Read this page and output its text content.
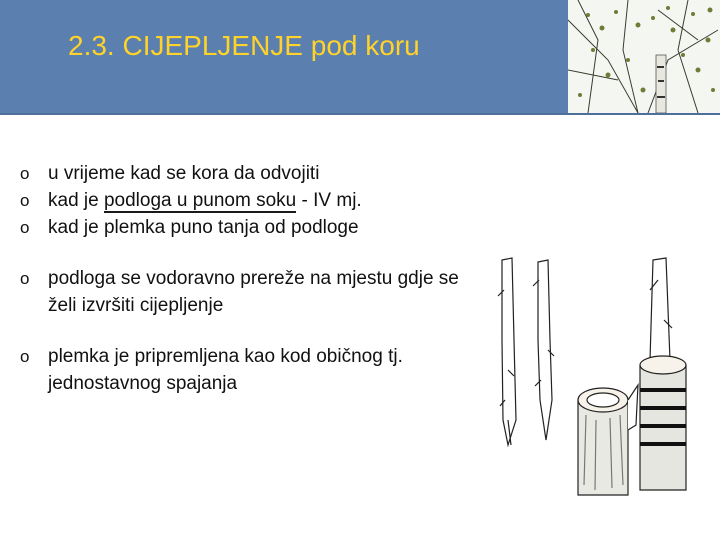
2.3. CIJEPLJENJE pod koru
o u vrijeme kad se kora da odvojiti
o kad je podloga u punom soku - IV mj.
o kad je plemka puno tanja od podloge
o podloga se vodoravno prereže na mjestu gdje se želi izvršiti cijepljenje
o plemka je pripremljena kao kod običnog tj. jednostavnog spajanja
